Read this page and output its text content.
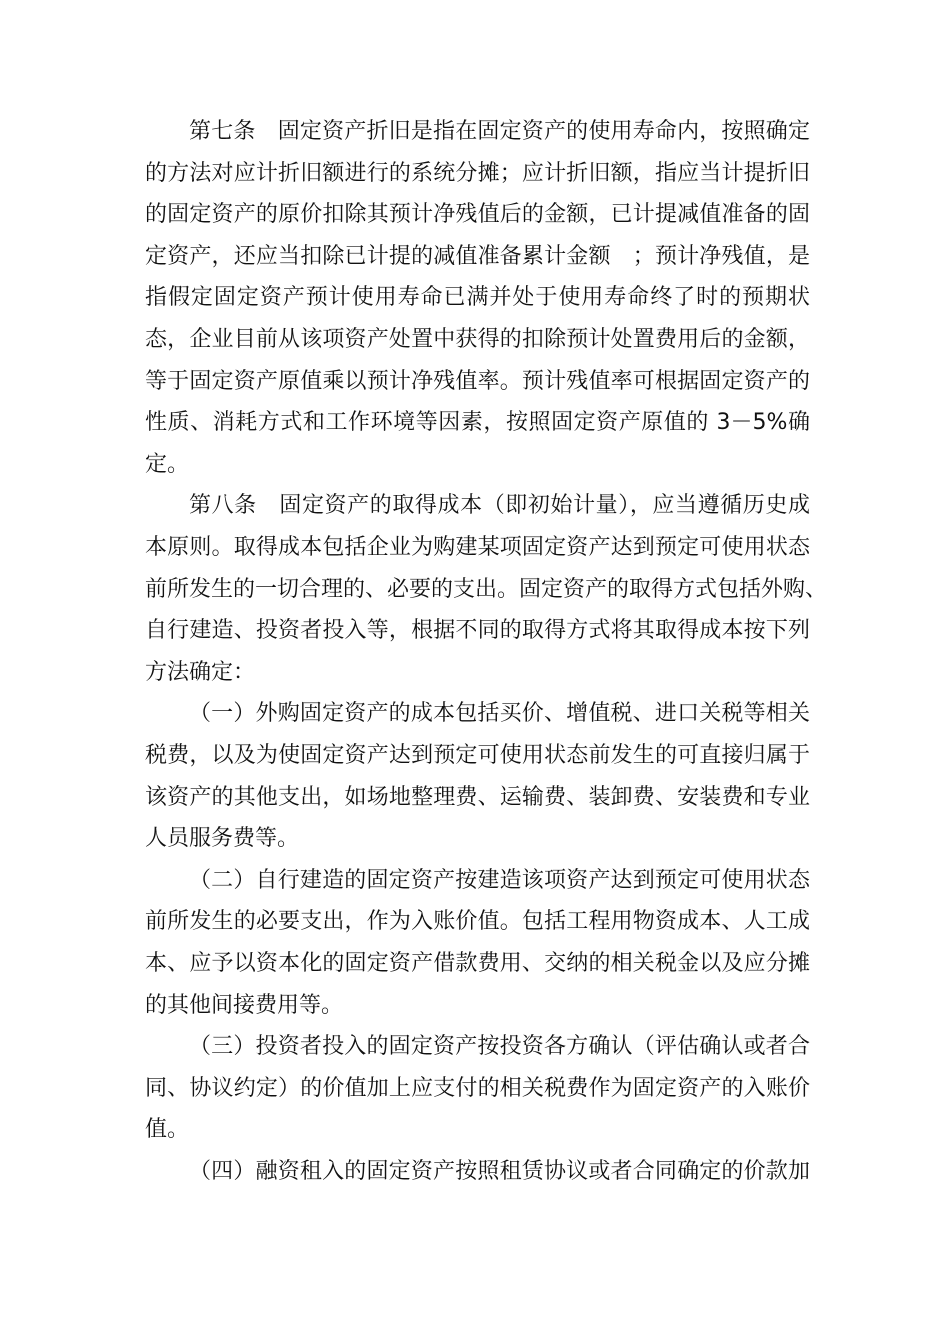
第七条　固定资产折旧是指在固定资产的使用寿命内，按照确定
的方法对应计折旧额进行的系统分摊；应计折旧额，指应当计提折旧
的固定资产的原价扣除其预计净残值后的金额，已计提减值准备的固
定资产，还应当扣除已计提的减值准备累计金额　；预计净残值，是
指假定固定资产预计使用寿命已满并处于使用寿命终了时的预期状
态，企业目前从该项资产处置中获得的扣除预计处置费用后的金额，
等于固定资产原值乘以预计净残值率。预计残值率可根据固定资产的
性质、消耗方式和工作环境等因素，按照固定资产原值的 3－5%确
定。
第八条　固定资产的取得成本（即初始计量），应当遵循历史成
本原则。取得成本包括企业为购建某项固定资产达到预定可使用状态
前所发生的一切合理的、必要的支出。固定资产的取得方式包括外购、
自行建造、投资者投入等，根据不同的取得方式将其取得成本按下列
方法确定：
（一）外购固定资产的成本包括买价、增值税、进口关税等相关
税费，以及为使固定资产达到预定可使用状态前发生的可直接归属于
该资产的其他支出，如场地整理费、运输费、装卸费、安装费和专业
人员服务费等。
（二）自行建造的固定资产按建造该项资产达到预定可使用状态
前所发生的必要支出，作为入账价值。包括工程用物资成本、人工成
本、应予以资本化的固定资产借款费用、交纳的相关税金以及应分摊
的其他间接费用等。
（三）投资者投入的固定资产按投资各方确认（评估确认或者合
同、协议约定）的价值加上应支付的相关税费作为固定资产的入账价
值。
（四）融资租入的固定资产按照租赁协议或者合同确定的价款加
